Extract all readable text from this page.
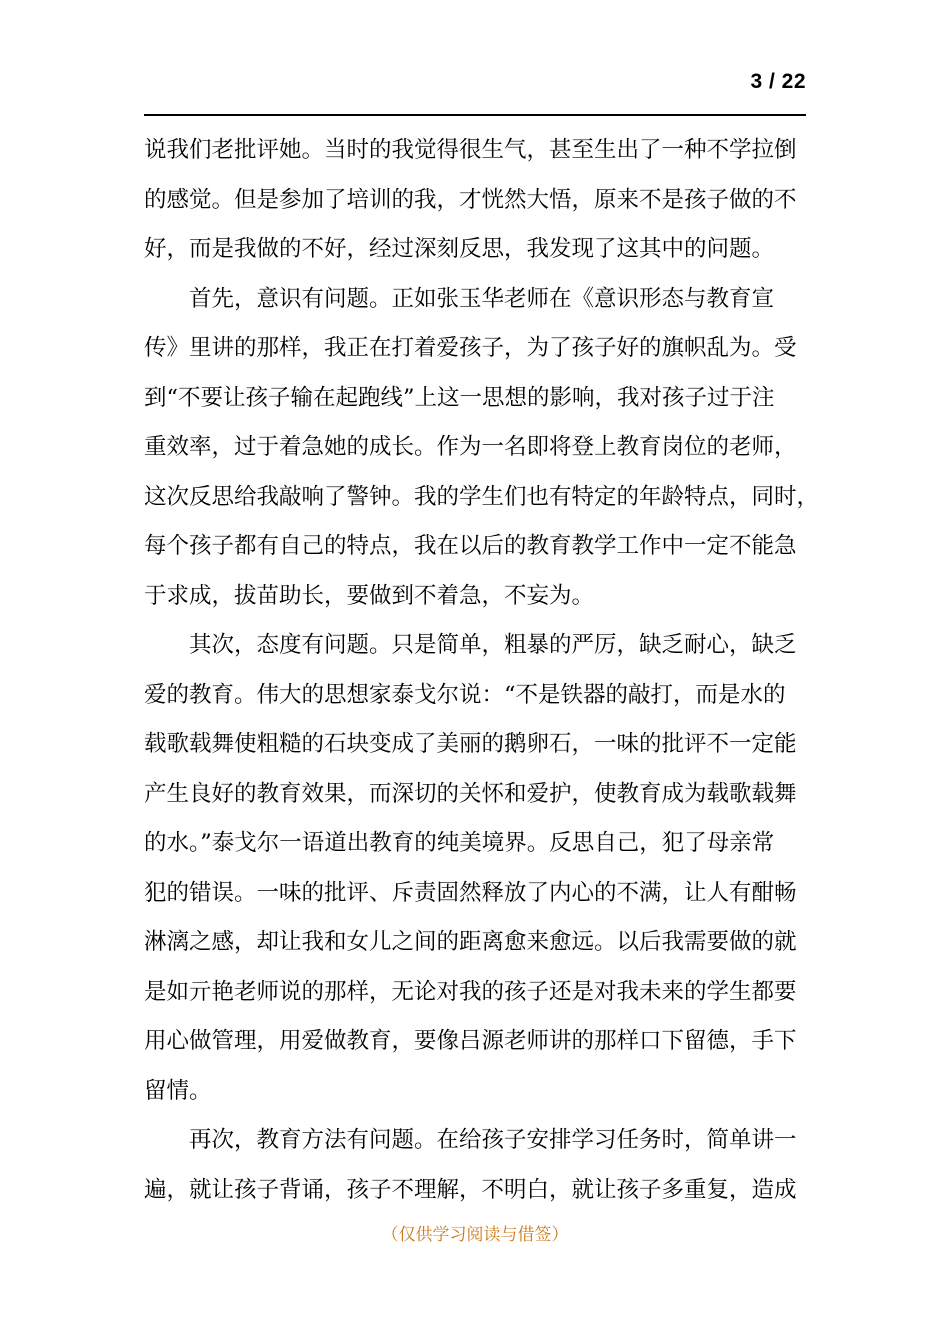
3 / 22
说我们老批评她。当时的我觉得很生气，甚至生出了一种不学拉倒
的感觉。但是参加了培训的我，才恍然大悟，原来不是孩子做的不
好，而是我做的不好，经过深刻反思，我发现了这其中的问题。
　　首先，意识有问题。正如张玉华老师在《意识形态与教育宣
传》里讲的那样，我正在打着爱孩子，为了孩子好的旗帜乱为。受
到“不要让孩子输在起跑线”上这一思想的影响，我对孩子过于注
重效率，过于着急她的成长。作为一名即将登上教育岗位的老师，
这次反思给我敲响了警钟。我的学生们也有特定的年龄特点，同时，
每个孩子都有自己的特点，我在以后的教育教学工作中一定不能急
于求成，拔苗助长，要做到不着急，不妄为。
　　其次，态度有问题。只是简单，粗暴的严厉，缺乏耐心，缺乏
爱的教育。伟大的思想家泰戈尔说：“不是铁器的敲打，而是水的
载歌载舞使粗糙的石块变成了美丽的鹅卵石，一味的批评不一定能
产生良好的教育效果，而深切的关怀和爱护，使教育成为载歌载舞
的水。”泰戈尔一语道出教育的纯美境界。反思自己，犯了母亲常
犯的错误。一味的批评、斥责固然释放了内心的不满，让人有酣畅
淋漓之感，却让我和女儿之间的距离愈来愈远。以后我需要做的就
是如亓艳老师说的那样，无论对我的孩子还是对我未来的学生都要
用心做管理，用爱做教育，要像吕源老师讲的那样口下留德，手下
留情。
　　再次，教育方法有问题。在给孩子安排学习任务时，简单讲一
遍，就让孩子背诵，孩子不理解，不明白，就让孩子多重复，造成
（仅供学习阅读与借签）
